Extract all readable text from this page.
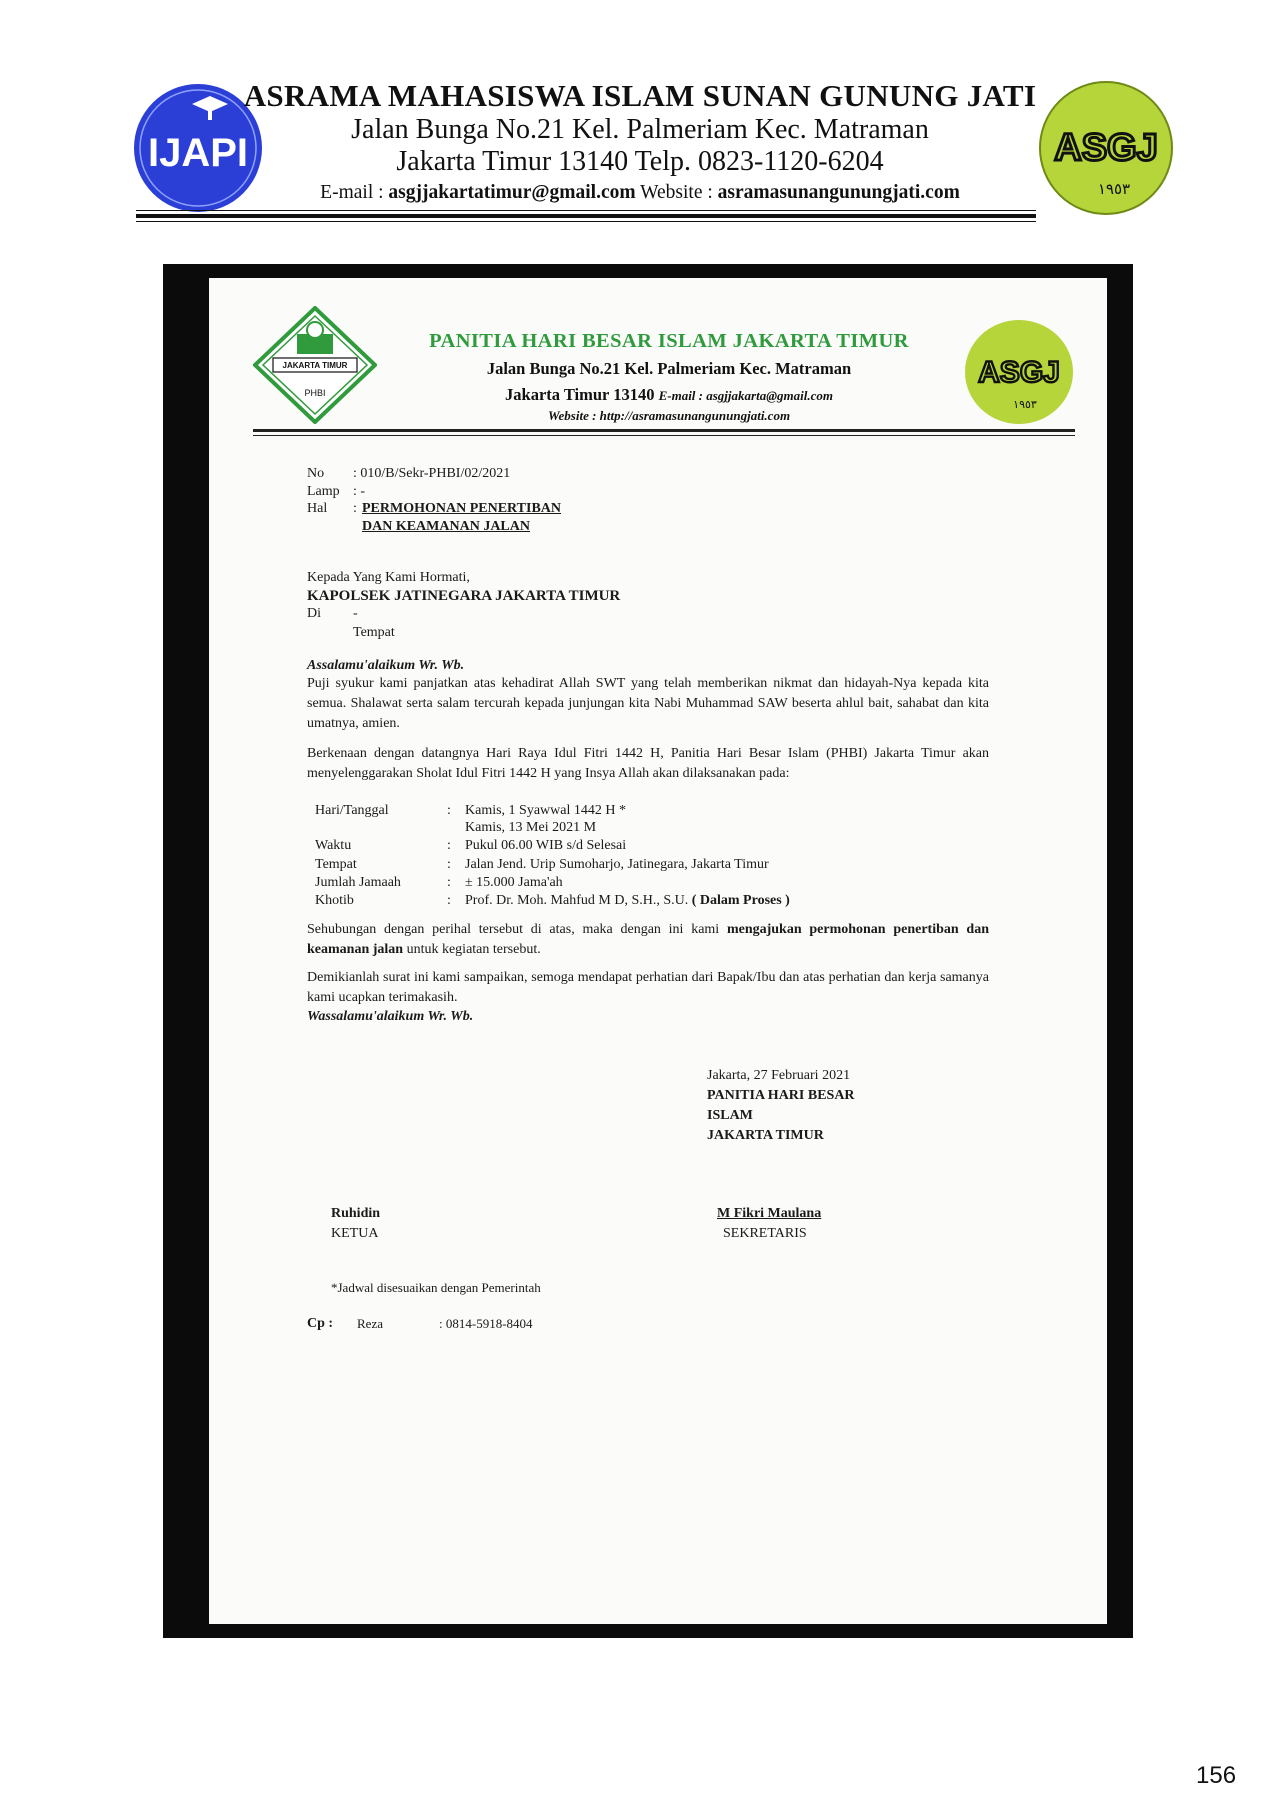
IJAPI	ASGJ
١٩٥٣
ASRAMA MAHASISWA ISLAM SUNAN GUNUNG JATI
Jalan Bunga No.21 Kel. Palmeriam Kec. Matraman
Jakarta Timur 13140 Telp. 0823-1120-6204
E-mail : asgjjakartatimur@gmail.com Website : asramasunangunungjati.com
JAKARTA TIMUR
PHBI
PANITIA HARI BESAR ISLAM JAKARTA TIMUR
Jalan Bunga No.21 Kel. Palmeriam Kec. Matraman
Jakarta Timur 13140 E-mail : asgjjakarta@gmail.com
Website : http://asramasunangunungjati.com
ASGJ
١٩٥٣
No : 010/B/Sekr-PHBI/02/2021
Lamp : -
Hal : PERMOHONAN PENERTIBAN
DAN KEAMANAN JALAN
Kepada Yang Kami Hormati,
KAPOLSEK JATINEGARA JAKARTA TIMUR
Di -
Tempat
Assalamu'alaikum Wr. Wb.
Puji syukur kami panjatkan atas kehadirat Allah SWT yang telah memberikan nikmat dan hidayah-Nya kepada kita semua. Shalawat serta salam tercurah kepada junjungan kita Nabi Muhammad SAW beserta ahlul bait, sahabat dan kita umatnya, amien.
Berkenaan dengan datangnya Hari Raya Idul Fitri 1442 H, Panitia Hari Besar Islam (PHBI) Jakarta Timur akan menyelenggarakan Sholat Idul Fitri 1442 H yang Insya Allah akan dilaksanakan pada:
Hari/Tanggal	: Kamis, 1 Syawwal 1442 H *
Kamis, 13 Mei 2021 M
Waktu	: Pukul 06.00 WIB s/d Selesai
Tempat	: Jalan Jend. Urip Sumoharjo, Jatinegara, Jakarta Timur
Jumlah Jamaah	: ± 15.000 Jama'ah
Khotib	: Prof. Dr. Moh. Mahfud M D, S.H., S.U. ( Dalam Proses )
Sehubungan dengan perihal tersebut di atas, maka dengan ini kami mengajukan permohonan penertiban dan keamanan jalan untuk kegiatan tersebut.
Demikianlah surat ini kami sampaikan, semoga mendapat perhatian dari Bapak/Ibu dan atas perhatian dan kerja samanya kami ucapkan terimakasih.
Wassalamu'alaikum Wr. Wb.
Jakarta, 27 Februari 2021
PANITIA HARI BESAR
ISLAM
JAKARTA TIMUR
Ruhidin
KETUA
M Fikri Maulana
SEKRETARIS
*Jadwal disesuaikan dengan Pemerintah
Cp : Reza	: 0814-5918-8404
156
